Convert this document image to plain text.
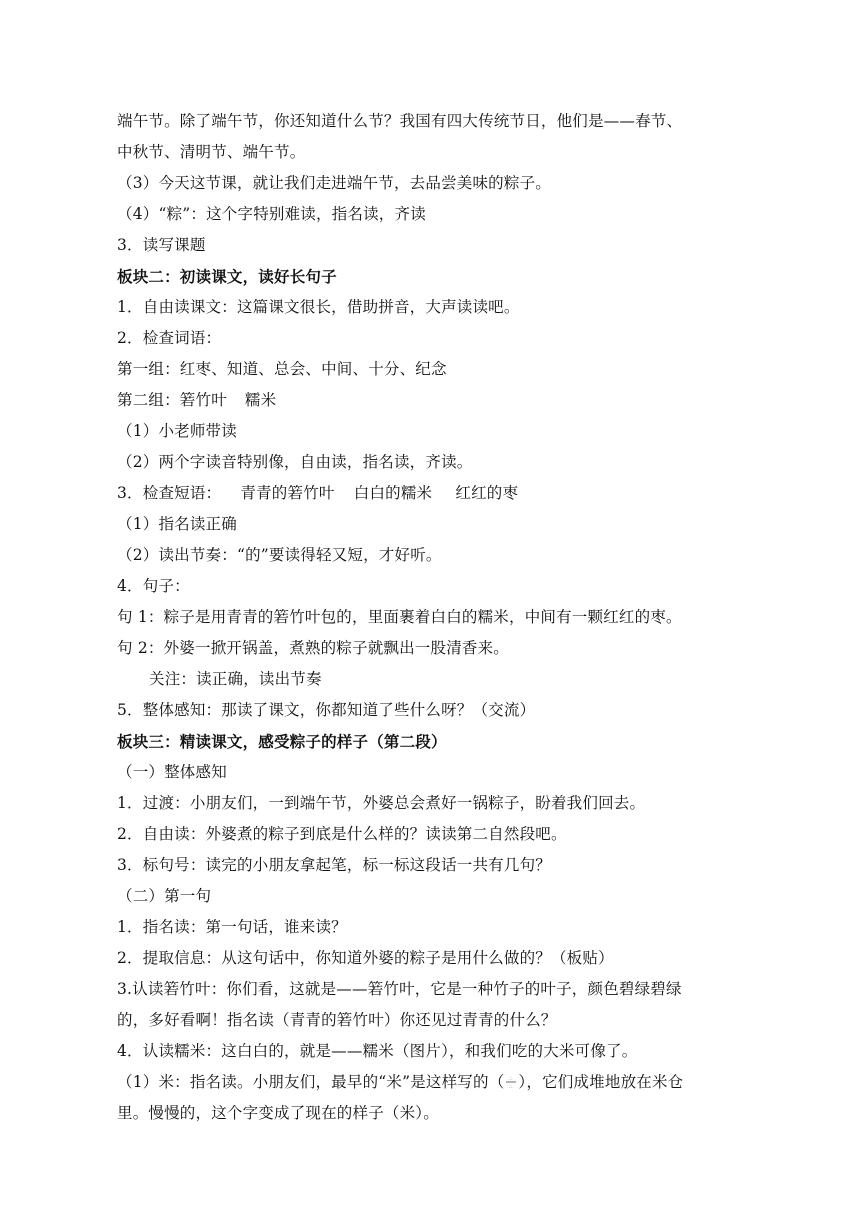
端午节。除了端午节，你还知道什么节？我国有四大传统节日，他们是——春节、
中秋节、清明节、端午节。
（3）今天这节课，就让我们走进端午节，去品尝美味的粽子。
（4）“粽”：这个字特别难读，指名读，齐读
3．读写课题
板块二：初读课文，读好长句子
1．自由读课文：这篇课文很长，借助拼音，大声读读吧。
2．检查词语：
第一组：红枣、知道、总会、中间、十分、纪念
第二组：箬竹叶 糯米
（1）小老师带读
（2）两个字读音特别像，自由读，指名读，齐读。
3．检查短语： 青青的箬竹叶 白白的糯米 红红的枣
（1）指名读正确
（2）读出节奏：“的”要读得轻又短，才好听。
4．句子：
句 1：粽子是用青青的箬竹叶包的，里面裹着白白的糯米，中间有一颗红红的枣。
句 2：外婆一掀开锅盖，煮熟的粽子就飘出一股清香来。
关注：读正确，读出节奏
5．整体感知：那读了课文，你都知道了些什么呀？（交流）
板块三：精读课文，感受粽子的样子（第二段）
（一）整体感知
1．过渡：小朋友们，一到端午节，外婆总会煮好一锅粽子，盼着我们回去。
2．自由读：外婆煮的粽子到底是什么样的？读读第二自然段吧。
3．标句号：读完的小朋友拿起笔，标一标这段话一共有几句？
（二）第一句
1．指名读：第一句话，谁来读？
2．提取信息：从这句话中，你知道外婆的粽子是用什么做的？（板贴）
3.认读箬竹叶：你们看，这就是——箬竹叶，它是一种竹子的叶子，颜色碧绿碧绿
的，多好看啊！指名读（青青的箬竹叶）你还见过青青的什么？
4．认读糯米：这白白的，就是——糯米（图片），和我们吃的大米可像了。
（1）米：指名读。小朋友们，最早的“米”是这样写的（ ∴
∴ ），它们成堆地放在米仓
里。慢慢的，这个字变成了现在的样子（米）。
